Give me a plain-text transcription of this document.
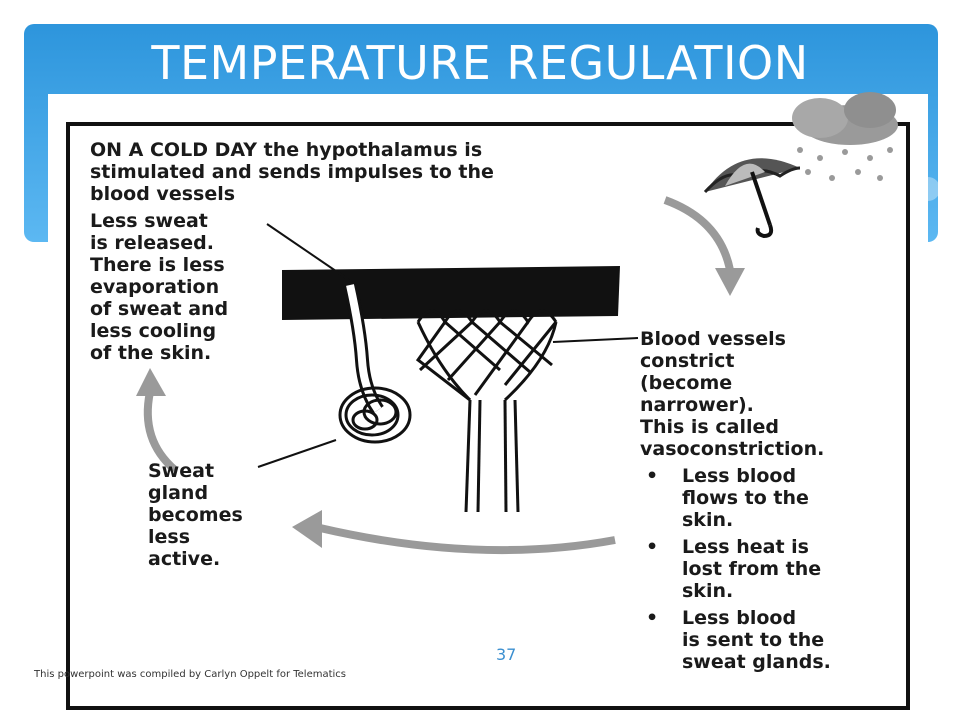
TEMPERATURE REGULATION
ON A COLD DAY the hypothalamus is
stimulated and sends impulses to the
blood vessels
Less sweat
is released.
There is less
evaporation
of sweat and
less cooling
of the skin.
Sweat
gland
becomes
less
active.
Blood vessels
constrict
(become
narrower).
This is called
vasoconstriction.
• Less blood
flows to the
skin.
• Less heat is
lost from the
skin.
• Less blood
is sent to the
sweat glands.
37
This powerpoint was compiled by Carlyn Oppelt for Telematics
